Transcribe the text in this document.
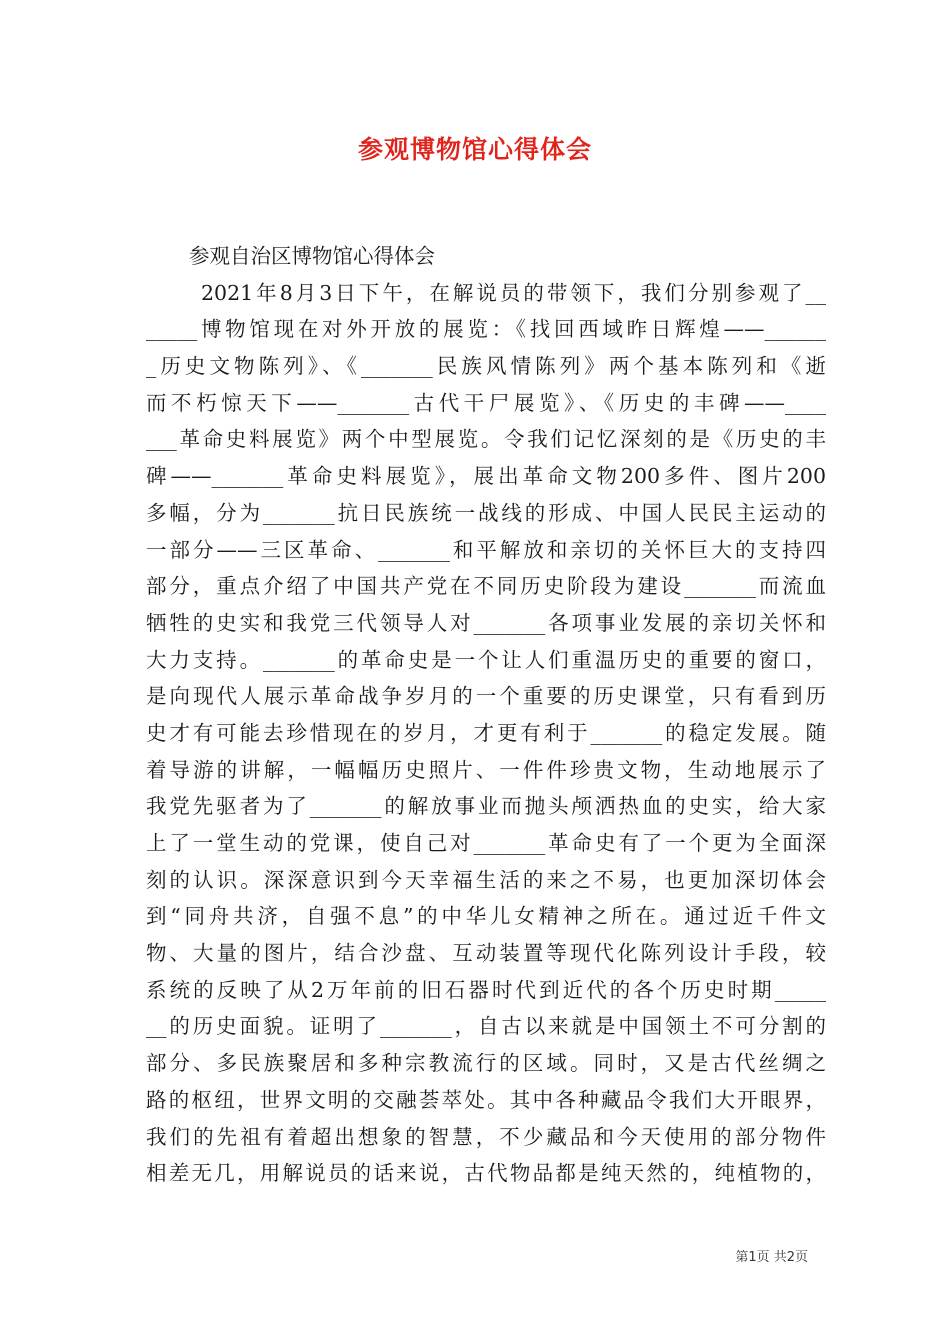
参观博物馆心得体会
参观自治区博物馆心得体会
2021年8月3日下午，在解说员的带领下，我们分别参观了__
_____博物馆现在对外开放的展览：《找回西域昨日辉煌——______
_历史文物陈列》、《_______民族风情陈列》两个基本陈列和《逝
而不朽惊天下——_______古代干尸展览》、《历史的丰碑——____
___革命史料展览》两个中型展览。令我们记忆深刻的是《历史的丰
碑——_______革命史料展览》，展出革命文物200多件、图片200
多幅，分为_______抗日民族统一战线的形成、中国人民民主运动的
一部分——三区革命、_______和平解放和亲切的关怀巨大的支持四
部分，重点介绍了中国共产党在不同历史阶段为建设_______而流血
牺牲的史实和我党三代领导人对_______各项事业发展的亲切关怀和
大力支持。_______的革命史是一个让人们重温历史的重要的窗口，
是向现代人展示革命战争岁月的一个重要的历史课堂，只有看到历
史才有可能去珍惜现在的岁月，才更有利于_______的稳定发展。随
着导游的讲解，一幅幅历史照片、一件件珍贵文物，生动地展示了
我党先驱者为了_______的解放事业而抛头颅洒热血的史实，给大家
上了一堂生动的党课，使自己对_______革命史有了一个更为全面深
刻的认识。深深意识到今天幸福生活的来之不易，也更加深切体会
到“同舟共济，自强不息”的中华儿女精神之所在。通过近千件文
物、大量的图片，结合沙盘、互动装置等现代化陈列设计手段，较
系统的反映了从2万年前的旧石器时代到近代的各个历史时期_____
__的历史面貌。证明了_______，自古以来就是中国领土不可分割的
部分、多民族聚居和多种宗教流行的区域。同时，又是古代丝绸之
路的枢纽，世界文明的交融荟萃处。其中各种藏品令我们大开眼界，
我们的先祖有着超出想象的智慧，不少藏品和今天使用的部分物件
相差无几，用解说员的话来说，古代物品都是纯天然的，纯植物的，
第1页 共2页
